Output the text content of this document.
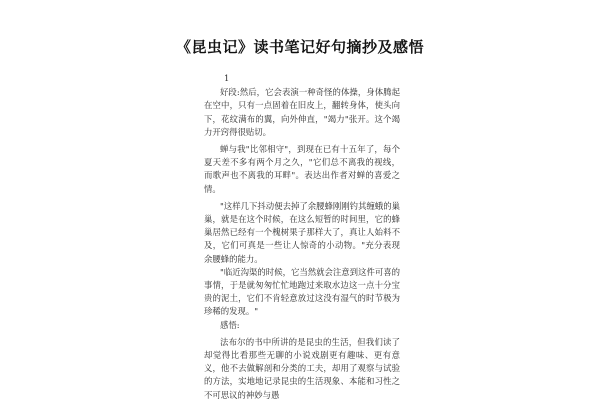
《昆虫记》读书笔记好句摘抄及感悟

1

好段:然后，它会表演一种奇怪的体操，身体腾起在空中，只有一点固着在旧皮上，翻转身体，使头向下，花纹满布的翼，向外伸直，"竭力"张开。这个竭力开窍得很贴切。

蝉与我"比邻相守"，到现在已有十五年了，每个夏天差不多有两个月之久，"它们总不离我的视线，而歌声也不离我的耳畔"。表达出作者对蝉的喜爱之情。

"这样几下抖动便去掉了余腰蜂刚刚钓其缠蛾的巢巢，就是在这个时候，在这么短暂的时间里，它的蜂巢居然已经有一个槐树果子那样大了，真让人始料不及，它们可真是一些让人惊奇的小动物。"充分表现余腰蜂的能力。

"临近沟渠的时候，它当然就会注意到这件可喜的事情，于是就匆匆忙忙地跑过来取水边这一点十分宝贵的泥土，它们不肯轻意放过这没有湿气的时节极为珍稀的发现。"

感悟:

法布尔的书中所讲的是昆虫的生活，但我们读了却觉得比看那些无聊的小说戏剧更有趣味、更有意义，他不去做解剖和分类的工夫，却用了观察与试验的方法，实地地记录昆虫的生活现象、本能和习性之不可思议的神妙与愚
